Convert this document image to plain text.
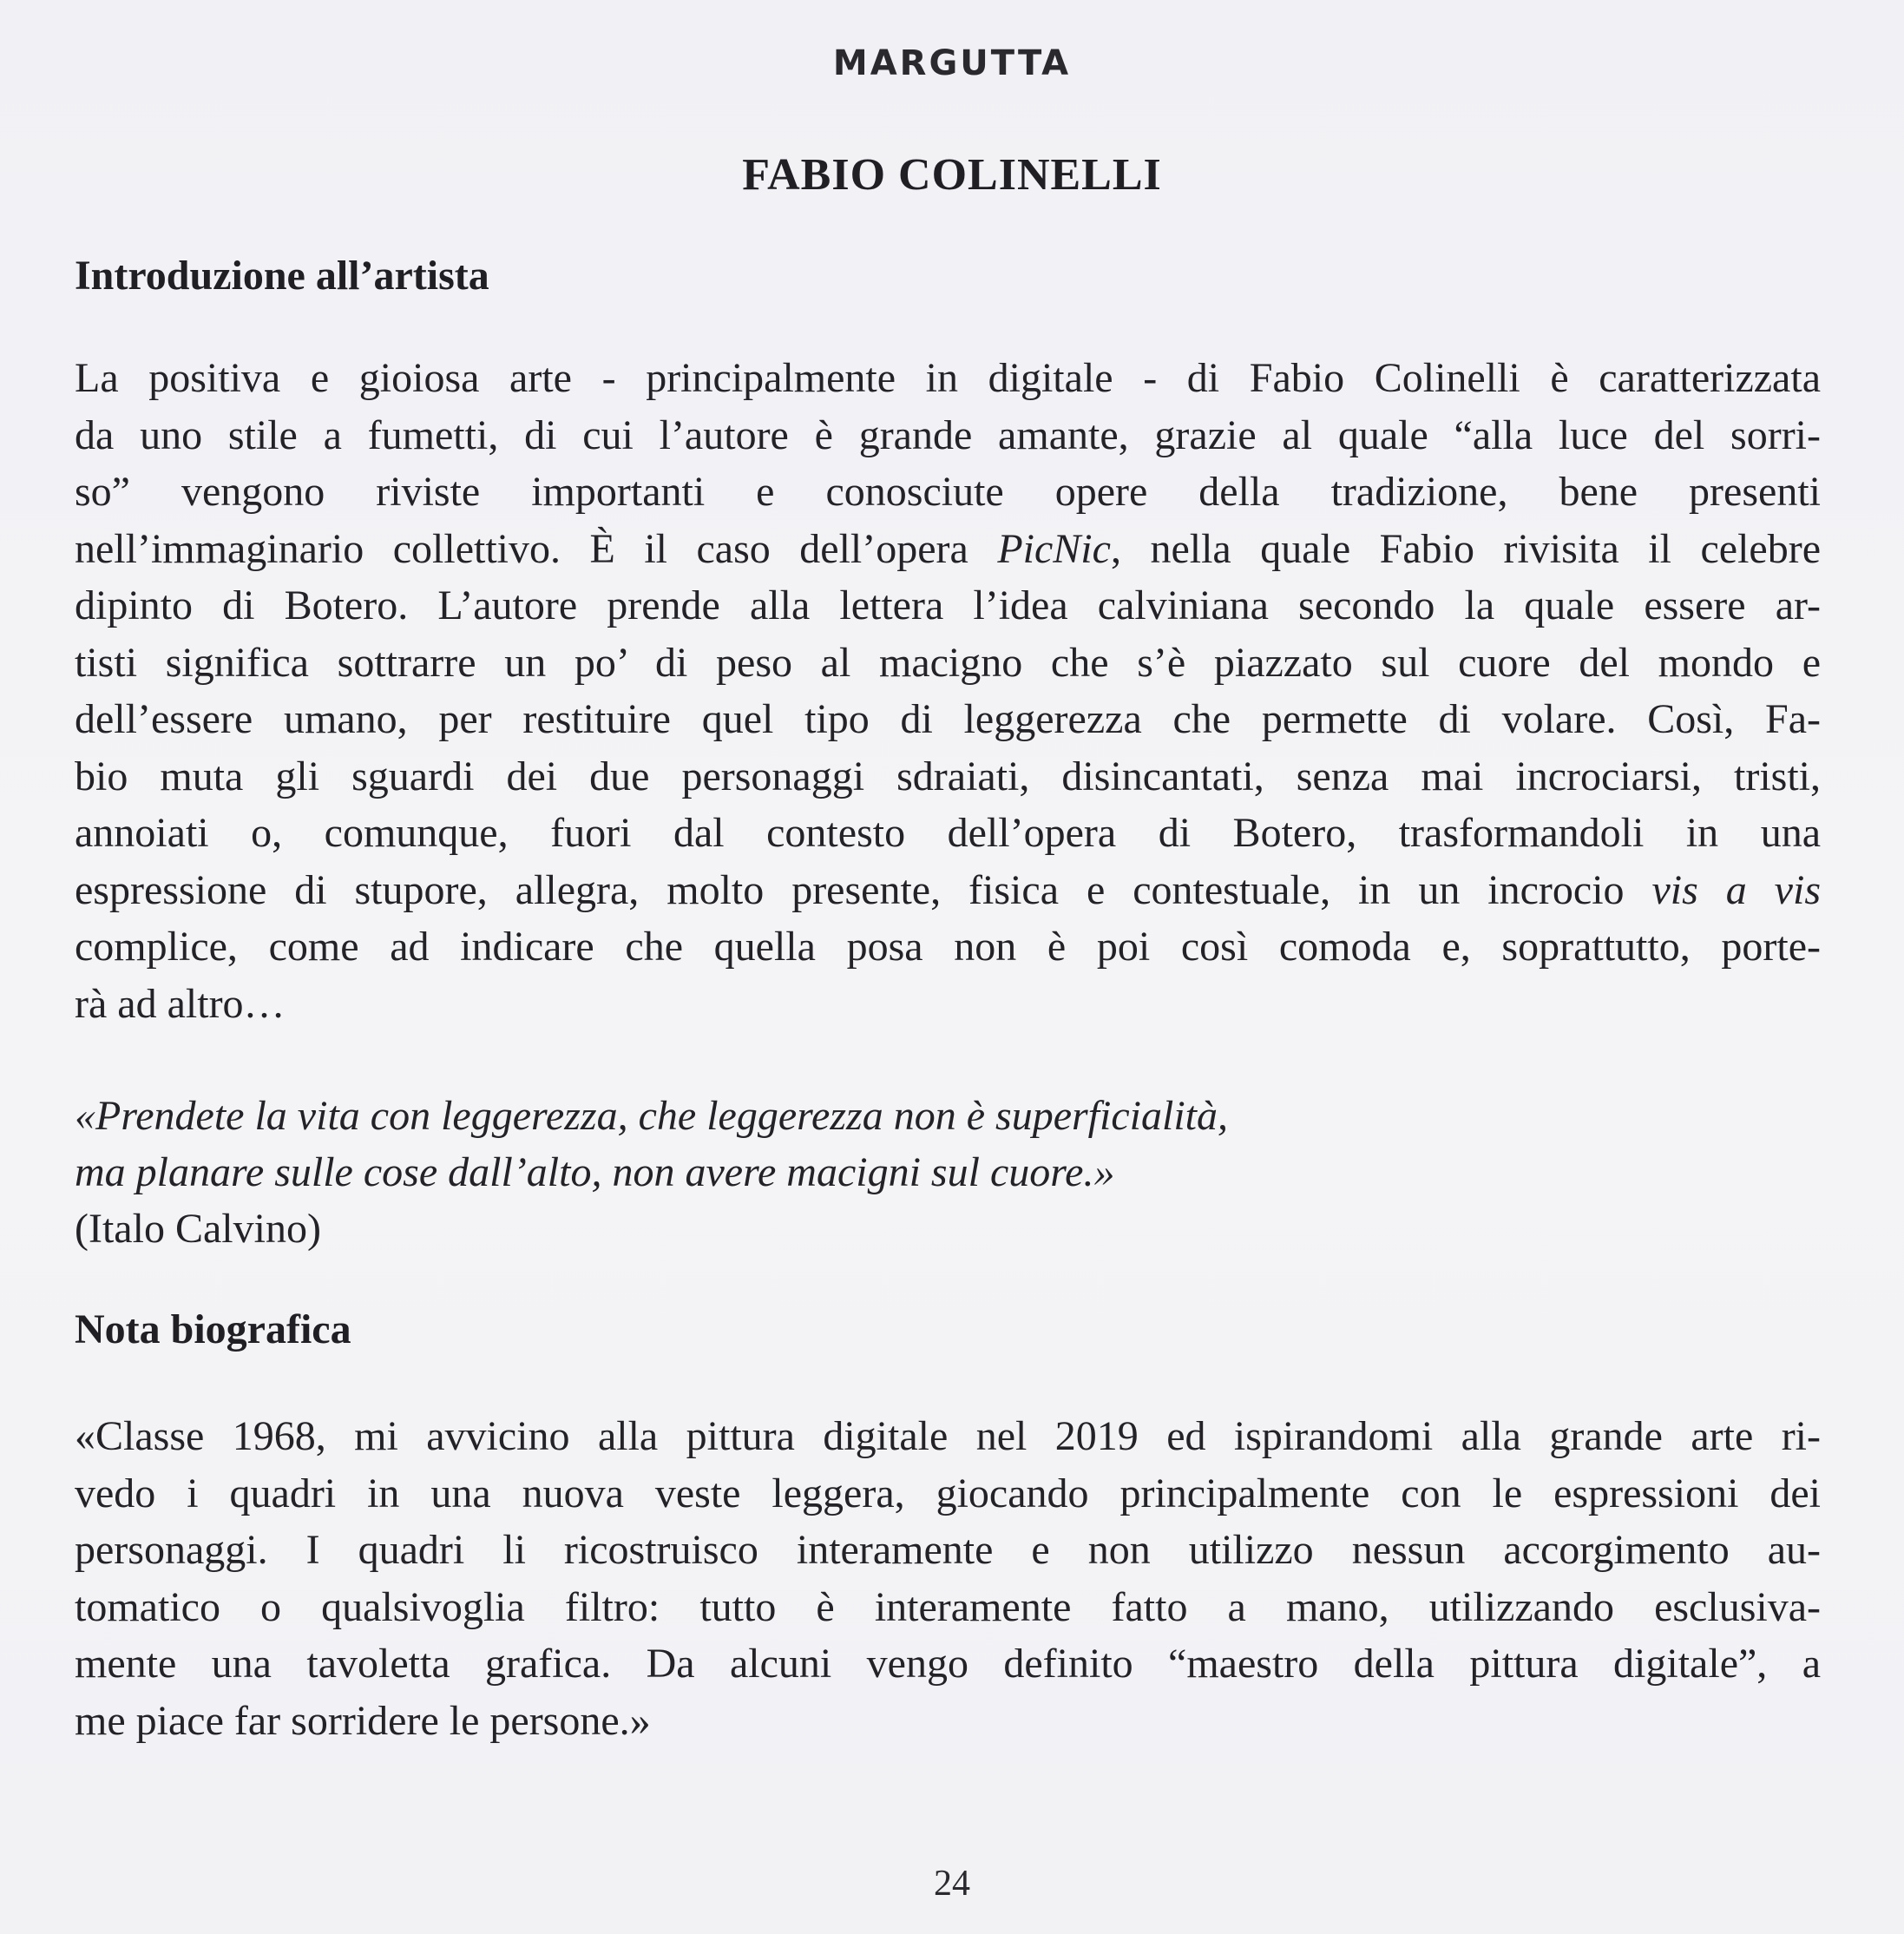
MARGUTTA
FABIO COLINELLI
Introduzione all’artista
La positiva e gioiosa arte - principalmente in digitale - di Fabio Colinelli è caratterizzata
da uno stile a fumetti, di cui l’autore è grande amante, grazie al quale “alla luce del sorri-
so” vengono riviste importanti e conosciute opere della tradizione, bene presenti
nell’immaginario collettivo. È il caso dell’opera PicNic, nella quale Fabio rivisita il celebre
dipinto di Botero. L’autore prende alla lettera l’idea calviniana secondo la quale essere ar-
tisti significa sottrarre un po’ di peso al macigno che s’è piazzato sul cuore del mondo e
dell’essere umano, per restituire quel tipo di leggerezza che permette di volare. Così, Fa-
bio muta gli sguardi dei due personaggi sdraiati, disincantati, senza mai incrociarsi, tristi,
annoiati o, comunque, fuori dal contesto dell’opera di Botero, trasformandoli in una
espressione di stupore, allegra, molto presente, fisica e contestuale, in un incrocio vis a vis
complice, come ad indicare che quella posa non è poi così comoda e, soprattutto, porte-
rà ad altro…
«Prendete la vita con leggerezza, che leggerezza non è superficialità,
ma planare sulle cose dall’alto, non avere macigni sul cuore.»
(Italo Calvino)
Nota biografica
«Classe 1968, mi avvicino alla pittura digitale nel 2019 ed ispirandomi alla grande arte ri-
vedo i quadri in una nuova veste leggera, giocando principalmente con le espressioni dei
personaggi. I quadri li ricostruisco interamente e non utilizzo nessun accorgimento au-
tomatico o qualsivoglia filtro: tutto è interamente fatto a mano, utilizzando esclusiva-
mente una tavoletta grafica. Da alcuni vengo definito “maestro della pittura digitale”, a
me piace far sorridere le persone.»
24
